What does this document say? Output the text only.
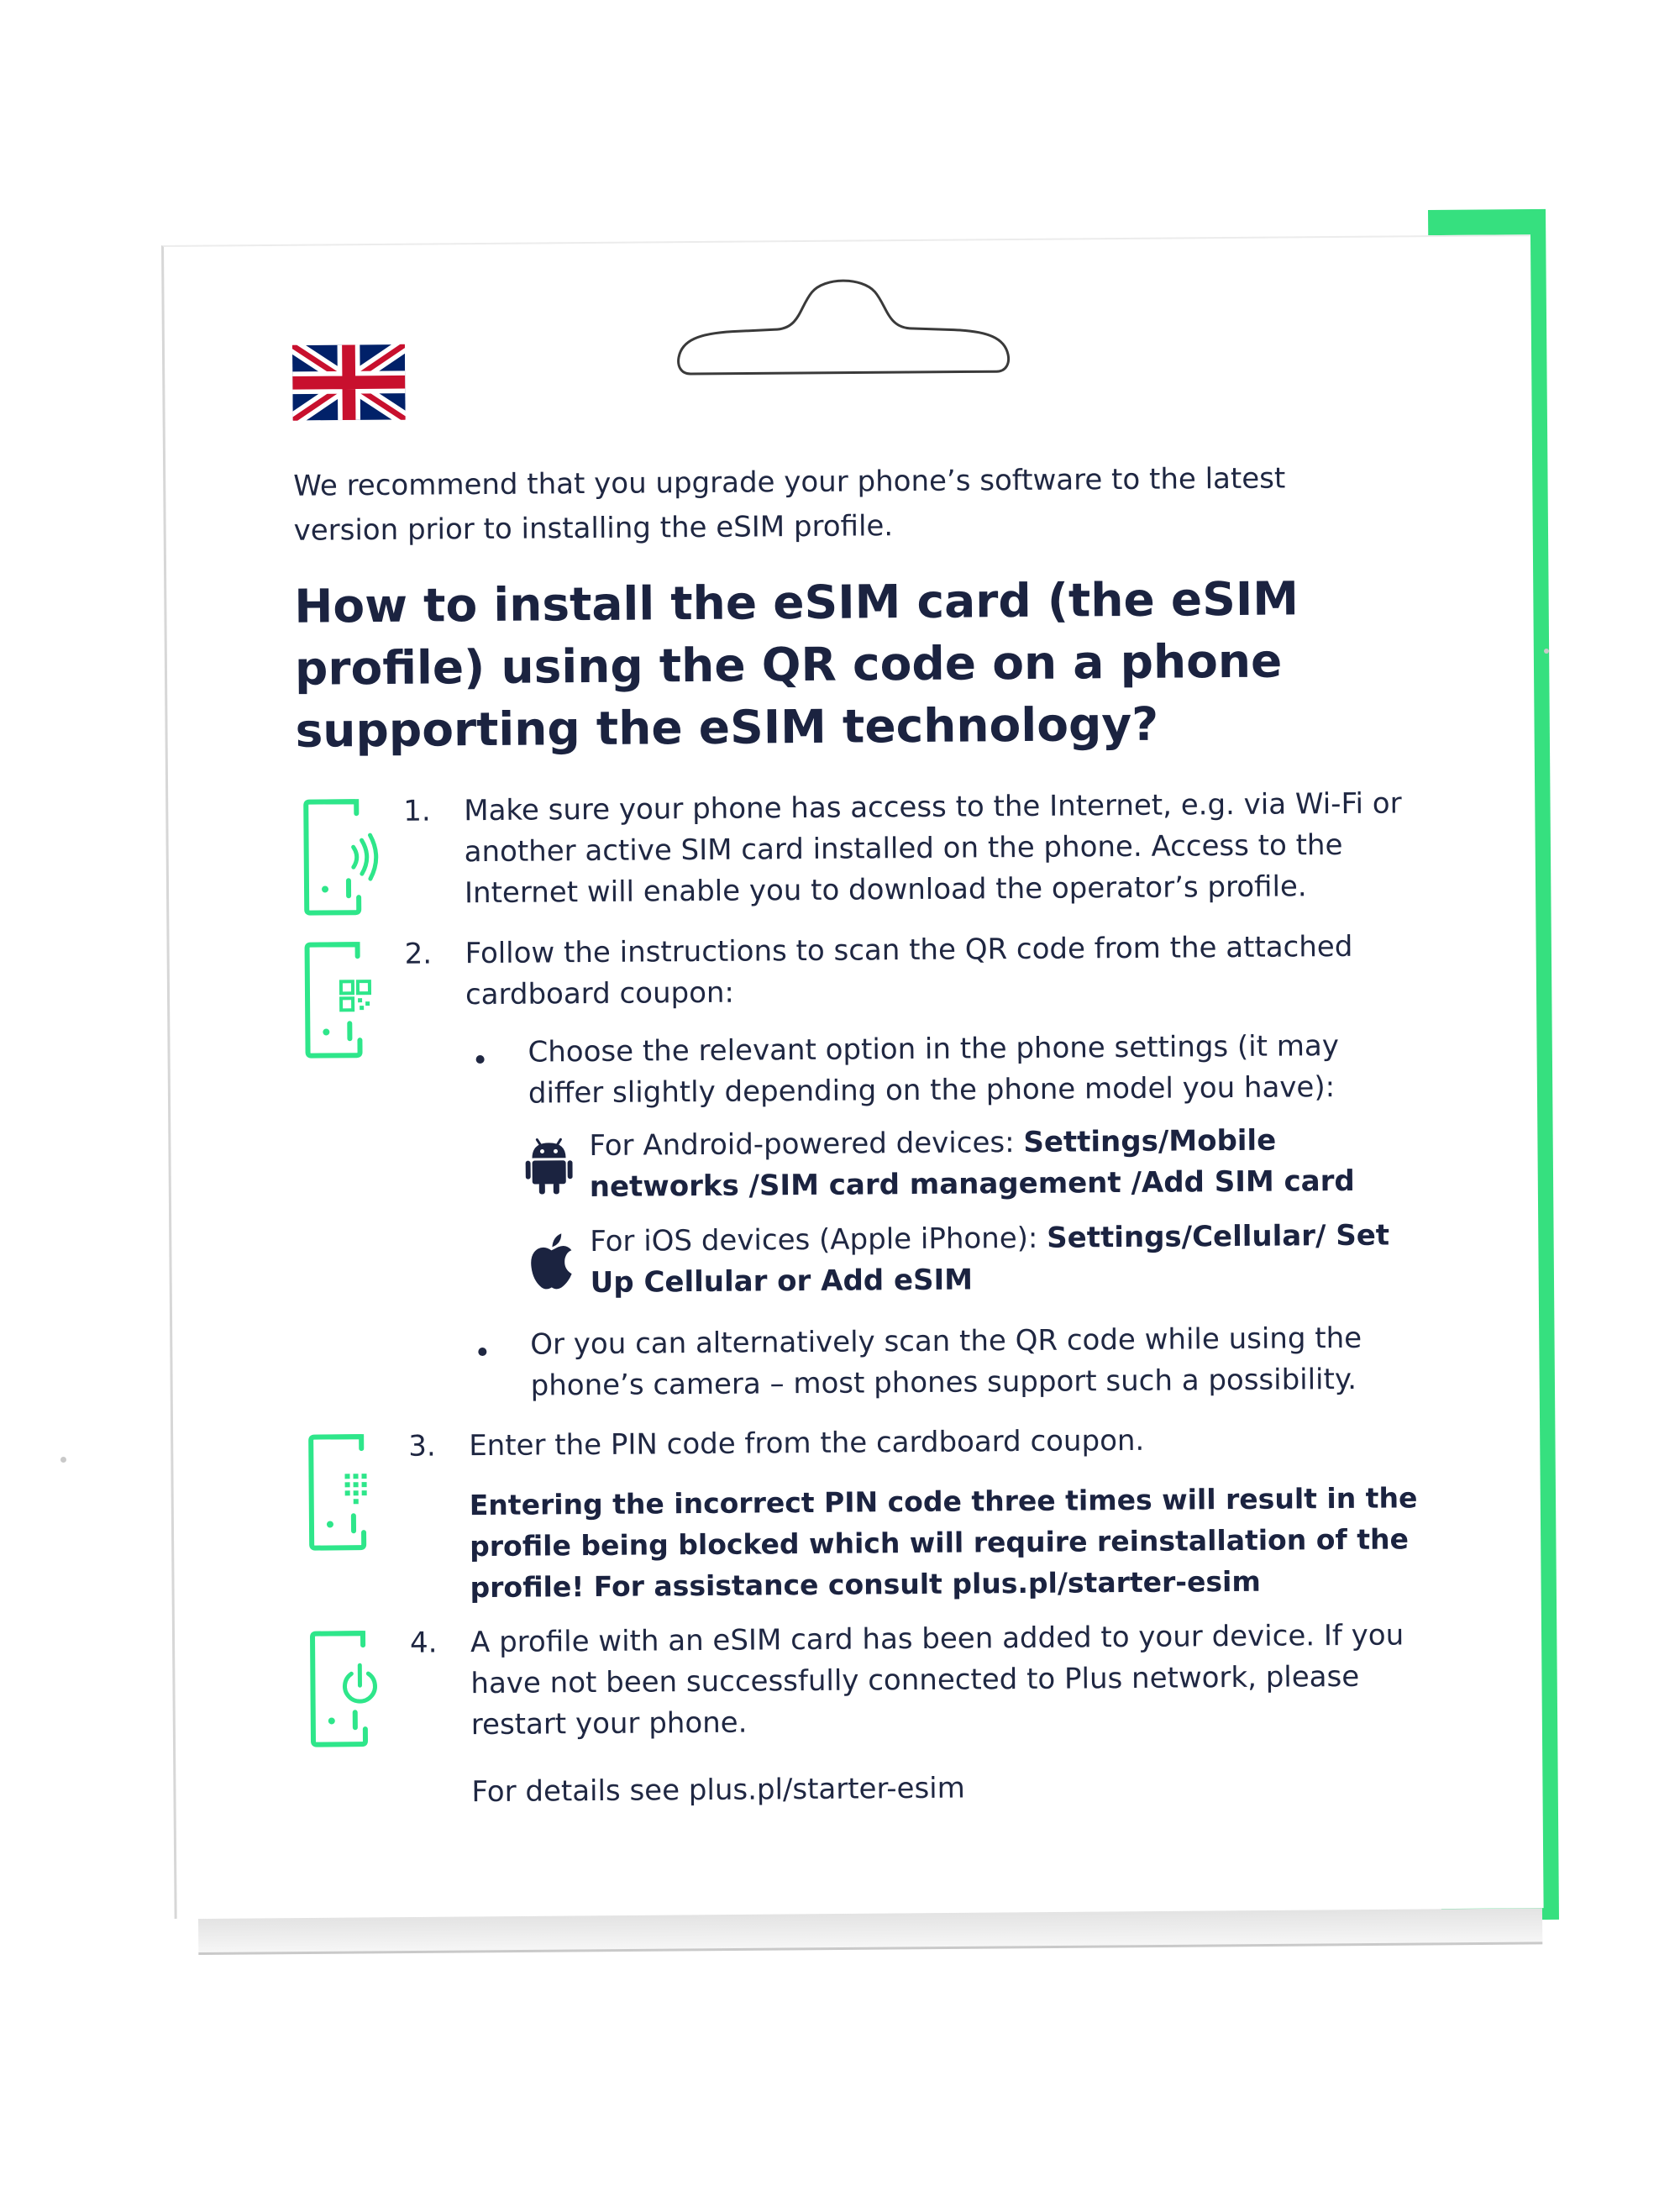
We recommend that you upgrade your phone’s software to the latest version prior to installing the eSIM profile.
How to install the eSIM card (the eSIM profile) using the QR code on a phone supporting the eSIM technology?
1.	Make sure your phone has access to the Internet, e.g. via Wi-Fi or another active SIM card installed on the phone. Access to the Internet will enable you to download the operator’s profile.
2.	Follow the instructions to scan the QR code from the attached cardboard coupon:
Choose the relevant option in the phone settings (it may differ slightly depending on the phone model you have):
For Android-powered devices: Settings/Mobile networks /SIM card management /Add SIM card
For iOS devices (Apple iPhone): Settings/Cellular/ Set Up Cellular or Add eSIM
Or you can alternatively scan the QR code while using the phone’s camera – most phones support such a possibility.
3.	Enter the PIN code from the cardboard coupon.
Entering the incorrect PIN code three times will result in the profile being blocked which will require reinstallation of the profile! For assistance consult plus.pl/starter-esim
4.	A profile with an eSIM card has been added to your device. If you have not been successfully connected to Plus network, please restart your phone.
For details see plus.pl/starter-esim
